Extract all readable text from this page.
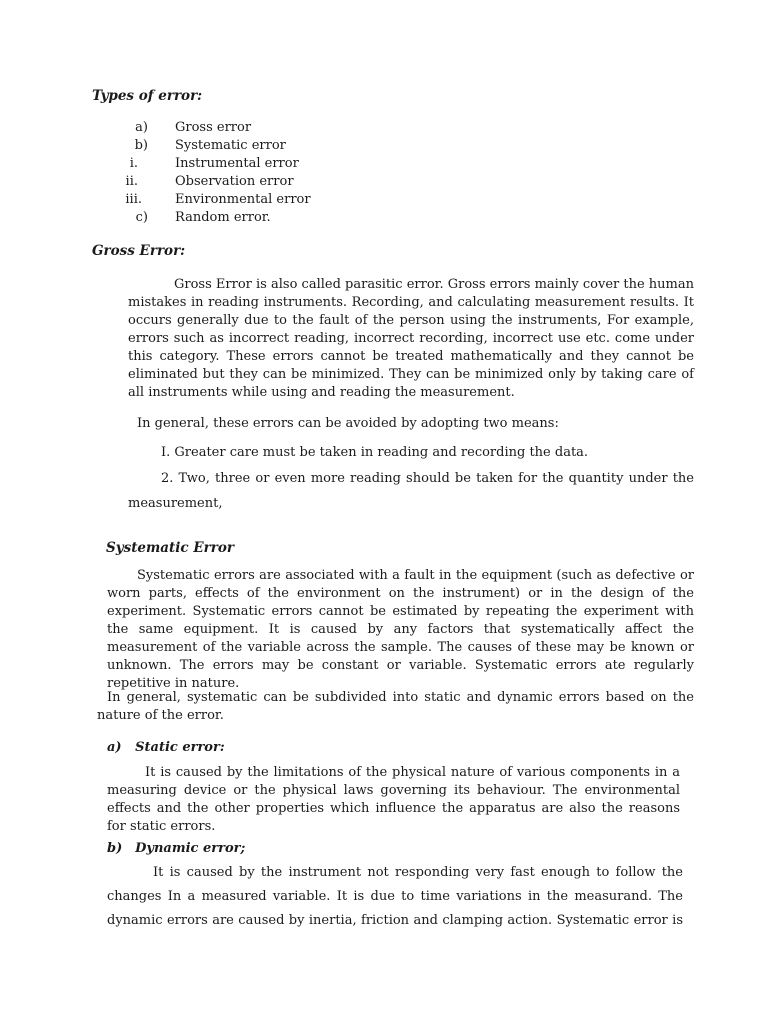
Types of error:
a) Gross error
b) Systematic error
i.	Instrumental error
ii.	Observation error
iii.	Environmental error
c) Random error.
Gross Error:
Gross Error is also called parasitic error. Gross errors mainly cover the human mistakes in reading instruments. Recording, and calculating measurement results. It occurs generally due to the fault of the person using the instruments, For example, errors such as incorrect reading, incorrect recording, incorrect use etc. come under this category. These errors cannot be treated mathematically and they cannot be eliminated but they can be minimized. They can be minimized only by taking care of all instruments while using and reading the measurement.
In general, these errors can be avoided by adopting two means:
I. Greater care must be taken in reading and recording the data.
2. Two, three or even more reading should be taken for the quantity under the
measurement,
Systematic Error
Systematic errors are associated with a fault in the equipment (such as defective or worn parts, effects of the environment on the instrument) or in the design of the experiment. Systematic errors cannot be estimated by repeating the experiment with the same equipment. It is caused by any factors that systematically affect the measurement of the variable across the sample. The causes of these may be known or unknown. The errors may be constant or variable. Systematic errors ate regularly repetitive in nature.
In general, systematic can be subdivided into static and dynamic errors based on the nature of the error.
a) Static error:
It is caused by the limitations of the physical nature of various components in a measuring device or the physical laws governing its behaviour. The environmental effects and the other properties which influence the apparatus are also the reasons for static errors.
b) Dynamic error;
It is caused by the instrument not responding very fast enough to follow the changes In a measured variable. It is due to time variations in the measurand. The dynamic errors are caused by inertia, friction and clamping action. Systematic error is
